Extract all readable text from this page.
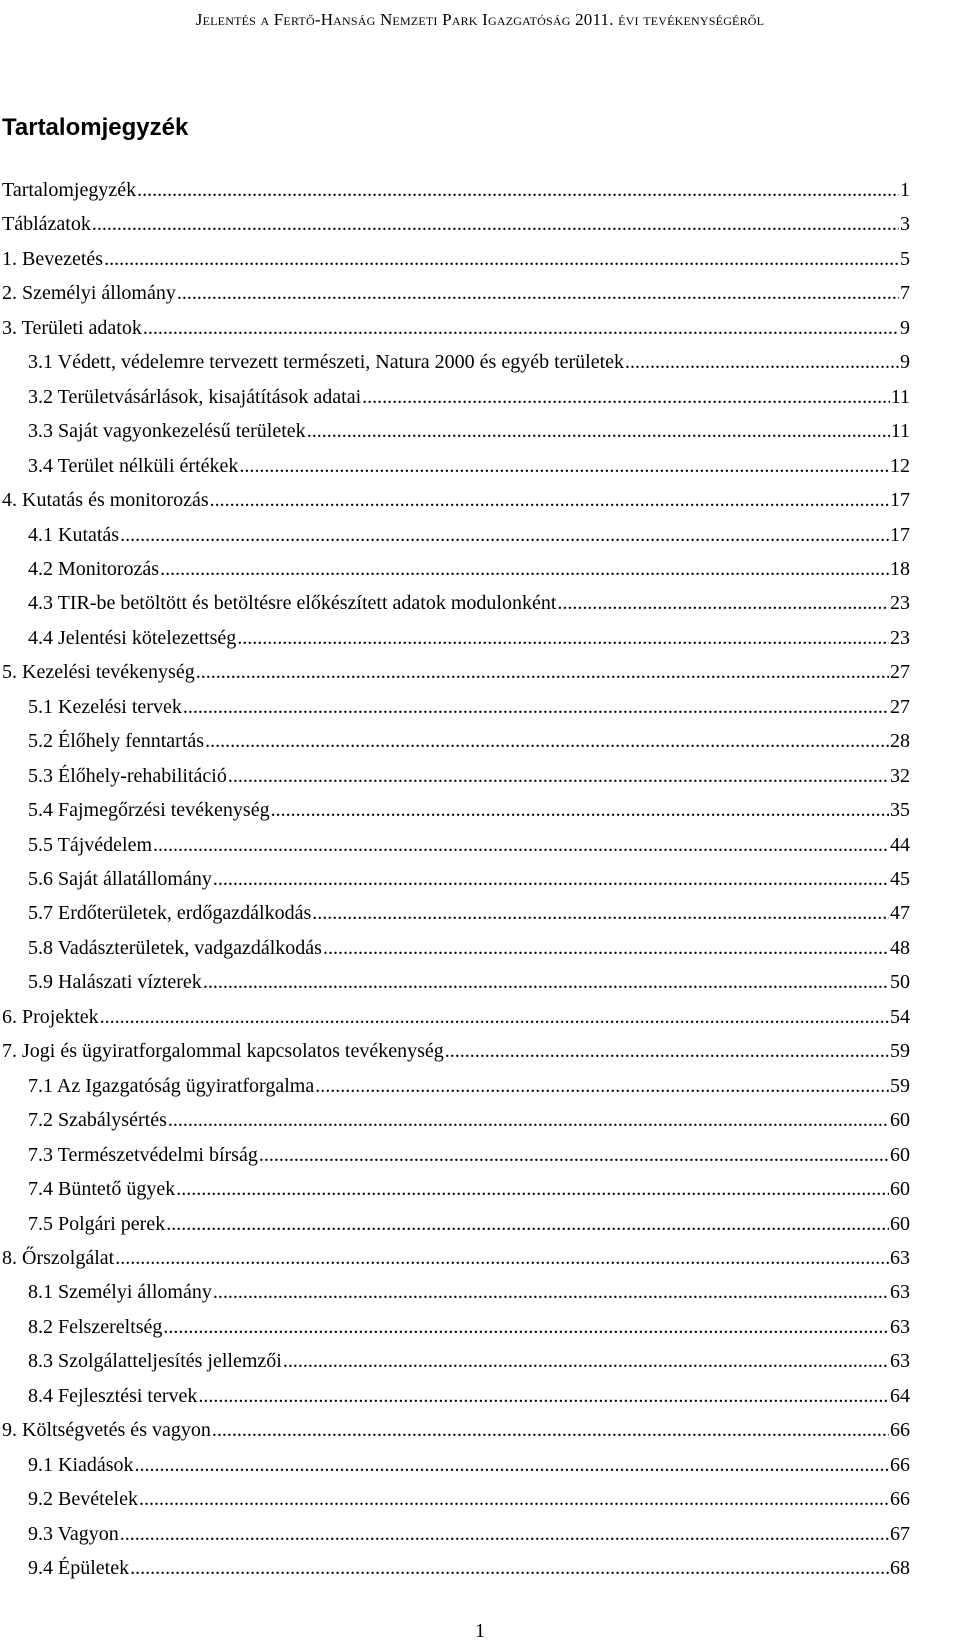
Jelentés a Fertő-Hanság Nemzeti Park Igazgatóság 2011. évi tevékenységéről
Tartalomjegyzék
Tartalomjegyzék .....	1
Táblázatok .....	3
1. Bevezetés .....	5
2. Személyi állomány .....	7
3. Területi adatok .....	9
3.1 Védett, védelemre tervezett természeti, Natura 2000 és egyéb területek .....	9
3.2 Területvásárlások, kisajátítások adatai .....	11
3.3 Saját vagyonkezelésű területek .....	11
3.4 Terület nélküli értékek .....	12
4. Kutatás és monitorozás .....	17
4.1 Kutatás .....	17
4.2 Monitorozás .....	18
4.3 TIR-be betöltött és betöltésre előkészített adatok modulonként .....	23
4.4 Jelentési kötelezettség .....	23
5. Kezelési tevékenység .....	27
5.1 Kezelési tervek .....	27
5.2 Élőhely fenntartás .....	28
5.3 Élőhely-rehabilitáció .....	32
5.4 Fajmegőrzési tevékenység .....	35
5.5 Tájvédelem .....	44
5.6 Saját állatállomány .....	45
5.7 Erdőterületek, erdőgazdálkodás .....	47
5.8 Vadászterületek, vadgazdálkodás .....	48
5.9 Halászati vízterek .....	50
6. Projektek .....	54
7. Jogi és ügyiratforgalommal kapcsolatos tevékenység .....	59
7.1 Az Igazgatóság ügyiratforgalma .....	59
7.2 Szabálysértés .....	60
7.3 Természetvédelmi bírság .....	60
7.4 Büntető ügyek .....	60
7.5 Polgári perek .....	60
8. Őrszolgálat .....	63
8.1 Személyi állomány .....	63
8.2 Felszereltség .....	63
8.3 Szolgálatteljesítés jellemzői .....	63
8.4 Fejlesztési tervek .....	64
9. Költségvetés és vagyon .....	66
9.1 Kiadások .....	66
9.2 Bevételek .....	66
9.3 Vagyon .....	67
9.4 Épületek .....	68
1
